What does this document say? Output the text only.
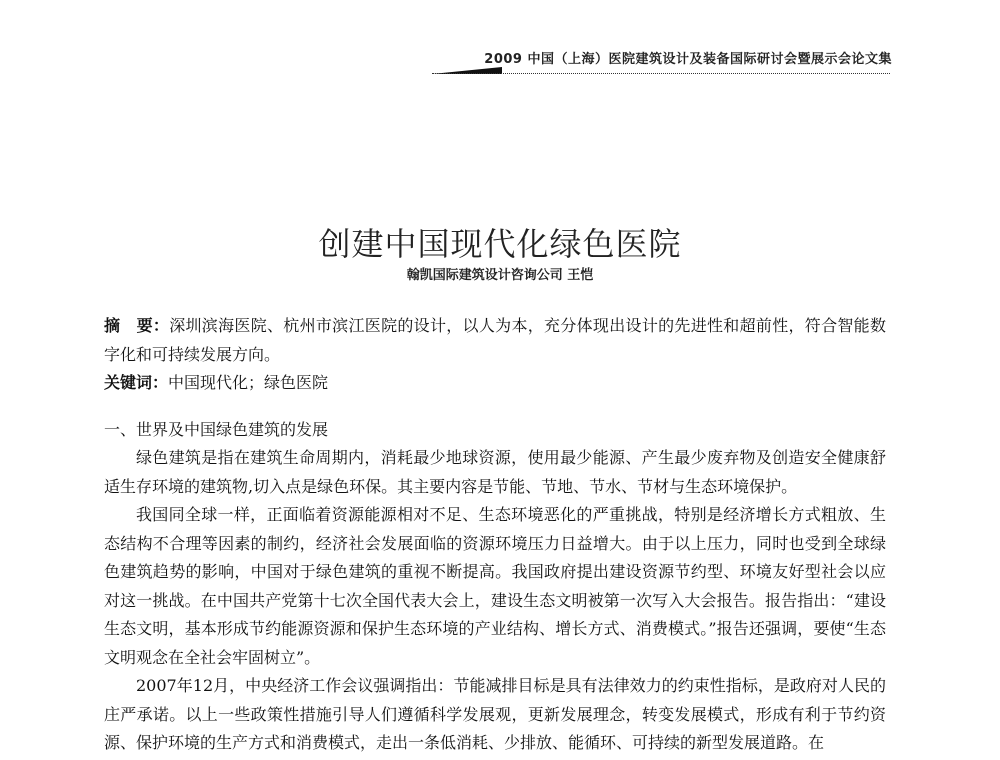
2009 中国（上海）医院建筑设计及装备国际研讨会暨展示会论文集
创建中国现代化绿色医院
翰凯国际建筑设计咨询公司 王恺

摘　要：深圳滨海医院、杭州市滨江医院的设计，以人为本，充分体现出设计的先进性和超前性，符合智能数字化和可持续发展方向。

关键词：中国现代化；绿色医院

一、世界及中国绿色建筑的发展

绿色建筑是指在建筑生命周期内，消耗最少地球资源，使用最少能源、产生最少废弃物及创造安全健康舒适生存环境的建筑物,切入点是绿色环保。其主要内容是节能、节地、节水、节材与生态环境保护。

我国同全球一样，正面临着资源能源相对不足、生态环境恶化的严重挑战，特别是经济增长方式粗放、生态结构不合理等因素的制约，经济社会发展面临的资源环境压力日益增大。由于以上压力，同时也受到全球绿色建筑趋势的影响，中国对于绿色建筑的重视不断提高。我国政府提出建设资源节约型、环境友好型社会以应对这一挑战。在中国共产党第十七次全国代表大会上，建设生态文明被第一次写入大会报告。报告指出：“建设生态文明，基本形成节约能源资源和保护生态环境的产业结构、增长方式、消费模式。”报告还强调，要使“生态文明观念在全社会牢固树立”。

2007年12月，中央经济工作会议强调指出：节能减排目标是具有法律效力的约束性指标，是政府对人民的庄严承诺。以上一些政策性措施引导人们遵循科学发展观，更新发展理念，转变发展模式，形成有利于节约资源、保护环境的生产方式和消费模式，走出一条低消耗、少排放、能循环、可持续的新型发展道路。在
